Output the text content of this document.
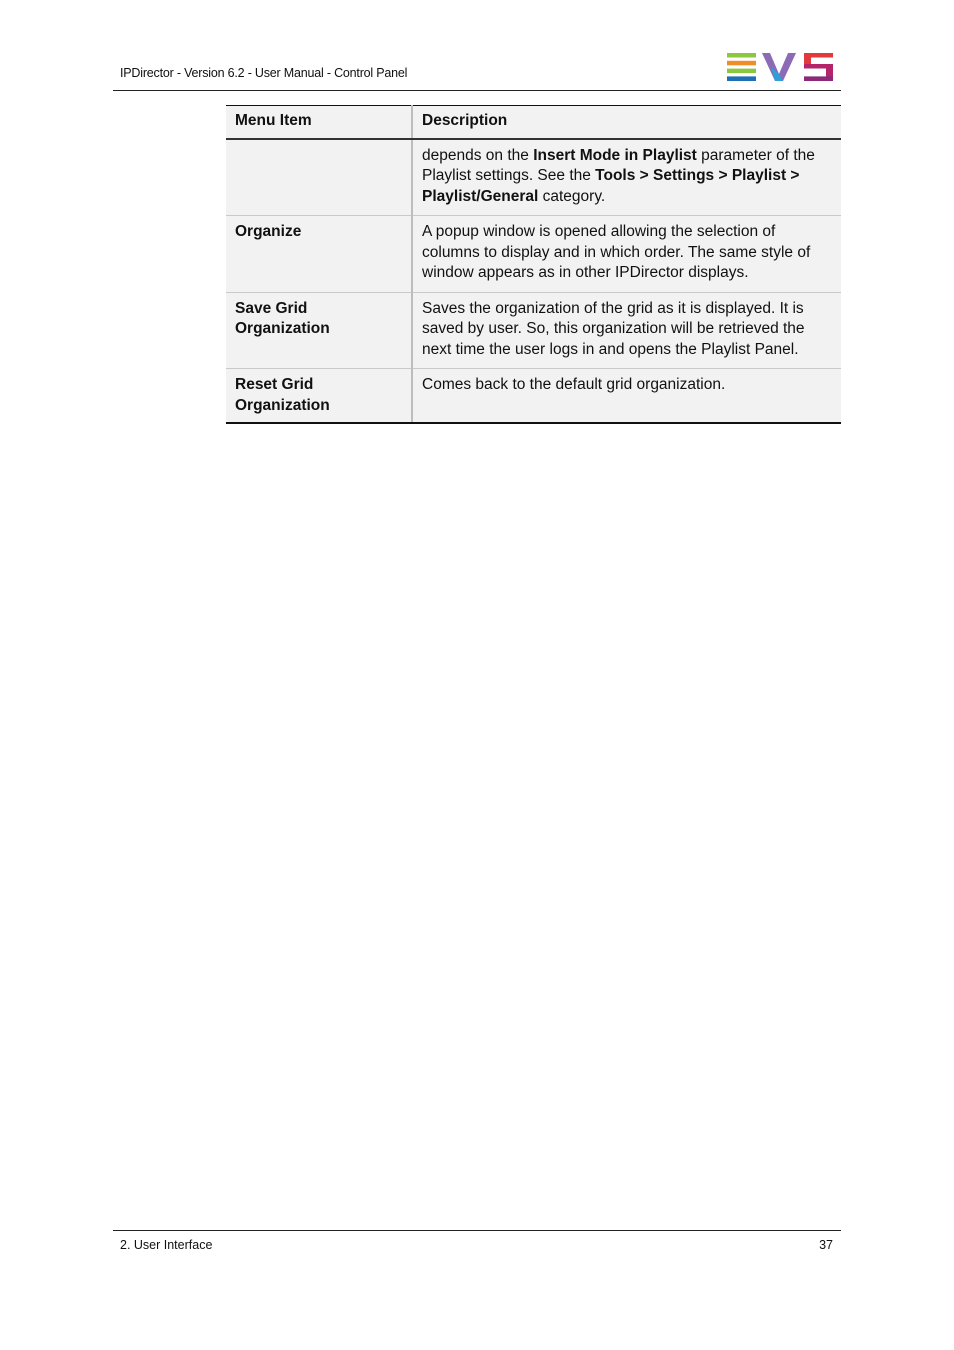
IPDirector - Version 6.2 - User Manual - Control Panel
Menu Item	Description
	depends on the Insert Mode in Playlist parameter of the Playlist settings. See the Tools > Settings > Playlist > Playlist/General category.
Organize	A popup window is opened allowing the selection of columns to display and in which order. The same style of window appears as in other IPDirector displays.
Save Grid Organization	Saves the organization of the grid as it is displayed. It is saved by user. So, this organization will be retrieved the next time the user logs in and opens the Playlist Panel.
Reset Grid Organization	Comes back to the default grid organization.
2. User Interface	37
